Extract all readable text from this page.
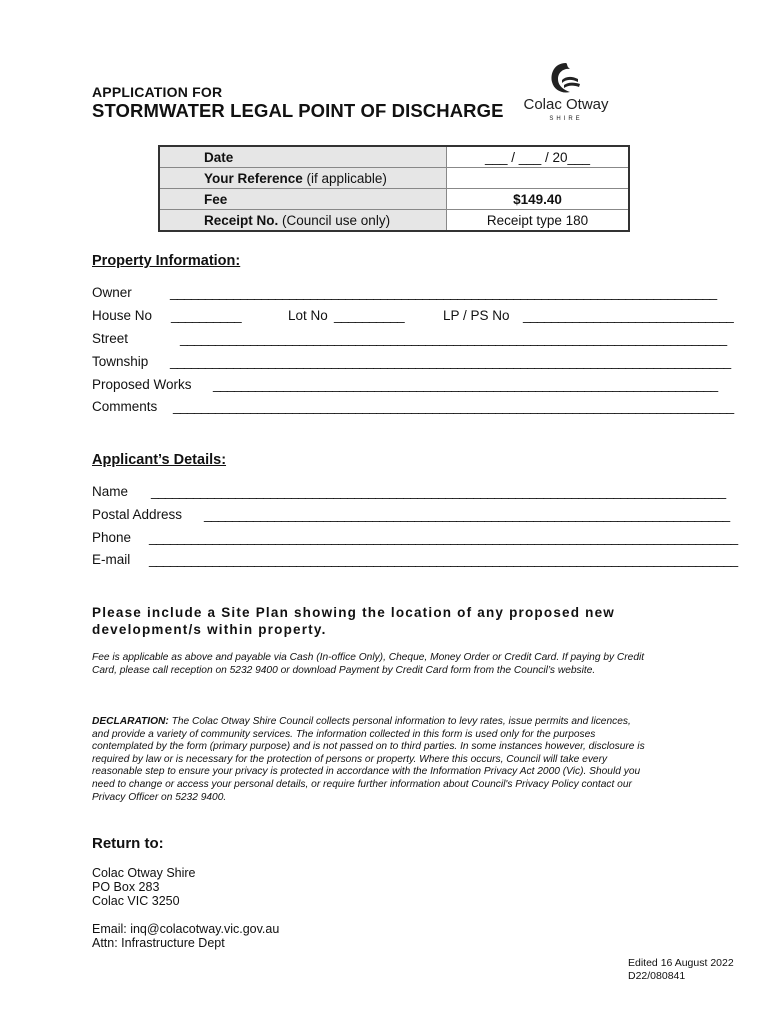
APPLICATION FOR
STORMWATER LEGAL POINT OF DISCHARGE	Colac Otway
SHIRE
Date	___ / ___ / 20___
Your Reference (if applicable)	
Fee	$149.40
Receipt No. (Council use only)	Receipt type 180
Property Information:
Owner	______________________________________________________________________________
House No __________	Lot No __________	LP / PS No ______________________________
Street	______________________________________________________________________________
Township ________________________________________________________________________________
Proposed Works ________________________________________________________________________
Comments ________________________________________________________________________________
Applicant’s Details:
Name __________________________________________________________________________________
Postal Address ___________________________________________________________________________
Phone ____________________________________________________________________________________
E-mail ____________________________________________________________________________________
Please include a Site Plan showing the location of any proposed new development/s within property.
Fee is applicable as above and payable via Cash (In-office Only), Cheque, Money Order or Credit Card. If paying by Credit Card, please call reception on 5232 9400 or download Payment by Credit Card form from the Council’s website.
DECLARATION: The Colac Otway Shire Council collects personal information to levy rates, issue permits and licences, and provide a variety of community services. The information collected in this form is used only for the purposes contemplated by the form (primary purpose) and is not passed on to third parties. In some instances however, disclosure is required by law or is necessary for the protection of persons or property. Where this occurs, Council will take every reasonable step to ensure your privacy is protected in accordance with the Information Privacy Act 2000 (Vic). Should you need to change or access your personal details, or require further information about Council's Privacy Policy contact our Privacy Officer on 5232 9400.
Return to:
Colac Otway Shire
PO Box 283
Colac VIC 3250
Email: inq@colacotway.vic.gov.au
Attn: Infrastructure Dept
Edited 16 August 2022
D22/080841
